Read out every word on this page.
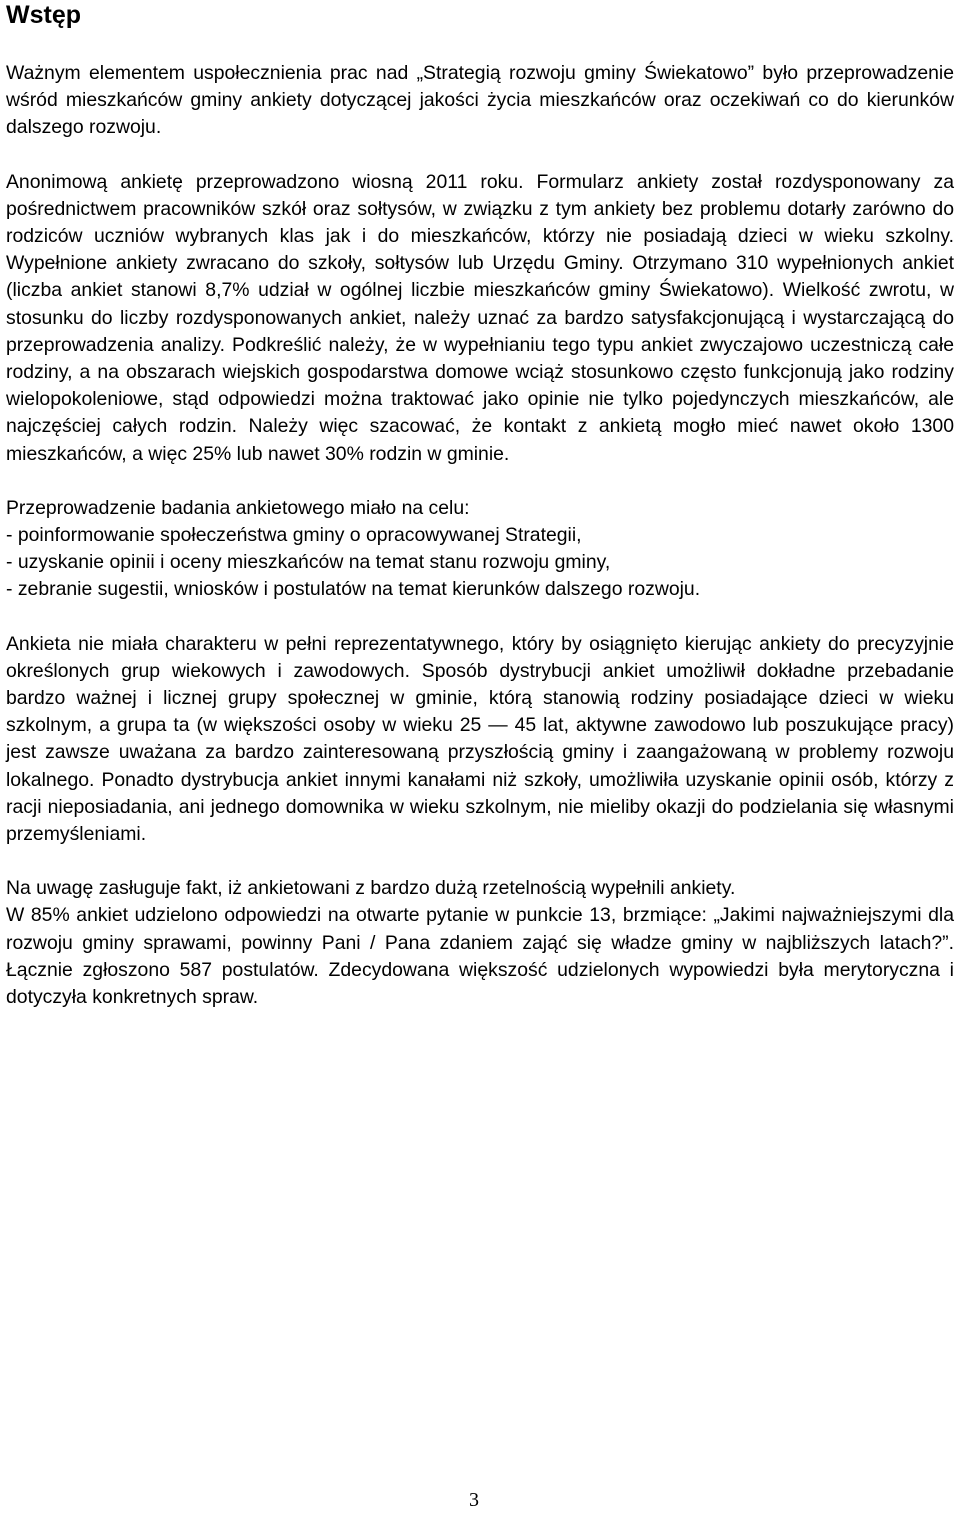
Wstęp

Ważnym elementem uspołecznienia prac nad „Strategią rozwoju gminy Świekatowo” było przeprowadzenie wśród mieszkańców gminy ankiety dotyczącej jakości życia mieszkańców oraz oczekiwań co do kierunków dalszego rozwoju.

Anonimową ankietę przeprowadzono wiosną 2011 roku. Formularz ankiety został rozdysponowany za pośrednictwem pracowników szkół oraz sołtysów, w związku z tym ankiety bez problemu dotarły zarówno do rodziców uczniów wybranych klas jak i do mieszkańców, którzy nie posiadają dzieci w wieku szkolny. Wypełnione ankiety zwracano do szkoły, sołtysów lub Urzędu Gminy. Otrzymano 310 wypełnionych ankiet (liczba ankiet stanowi 8,7% udział w ogólnej liczbie mieszkańców gminy Świekatowo). Wielkość zwrotu, w stosunku do liczby rozdysponowanych ankiet, należy uznać za bardzo satysfakcjonującą i wystarczającą do przeprowadzenia analizy. Podkreślić należy, że w wypełnianiu tego typu ankiet zwyczajowo uczestniczą całe rodziny, a na obszarach wiejskich gospodarstwa domowe wciąż stosunkowo często funkcjonują jako rodziny wielopokoleniowe, stąd odpowiedzi można traktować jako opinie nie tylko pojedynczych mieszkańców, ale najczęściej całych rodzin. Należy więc szacować, że kontakt z ankietą mogło mieć nawet około 1300 mieszkańców, a więc 25% lub nawet 30% rodzin w gminie.

Przeprowadzenie badania ankietowego miało na celu:
- poinformowanie społeczeństwa gminy o opracowywanej Strategii,
- uzyskanie opinii i oceny mieszkańców na temat stanu rozwoju gminy,
- zebranie sugestii, wniosków i postulatów na temat kierunków dalszego rozwoju.

Ankieta nie miała charakteru w pełni reprezentatywnego, który by osiągnięto kierując ankiety do precyzyjnie określonych grup wiekowych i zawodowych. Sposób dystrybucji ankiet umożliwił dokładne przebadanie bardzo ważnej i licznej grupy społecznej w gminie, którą stanowią rodziny posiadające dzieci w wieku szkolnym, a grupa ta (w większości osoby w wieku 25 — 45 lat, aktywne zawodowo lub poszukujące pracy) jest zawsze uważana za bardzo zainteresowaną przyszłością gminy i zaangażowaną w problemy rozwoju lokalnego. Ponadto dystrybucja ankiet innymi kanałami niż szkoły, umożliwiła uzyskanie opinii osób, którzy z racji nieposiadania, ani jednego domownika w wieku szkolnym, nie mieliby okazji do podzielania się własnymi przemyśleniami.

Na uwagę zasługuje fakt, iż ankietowani z bardzo dużą rzetelnością wypełnili ankiety.

W 85% ankiet udzielono odpowiedzi na otwarte pytanie w punkcie 13, brzmiące: „Jakimi najważniejszymi dla rozwoju gminy sprawami, powinny Pani / Pana zdaniem zająć się władze gminy w najbliższych latach?”. Łącznie zgłoszono 587 postulatów. Zdecydowana większość udzielonych wypowiedzi była merytoryczna i dotyczyła konkretnych spraw.

3
